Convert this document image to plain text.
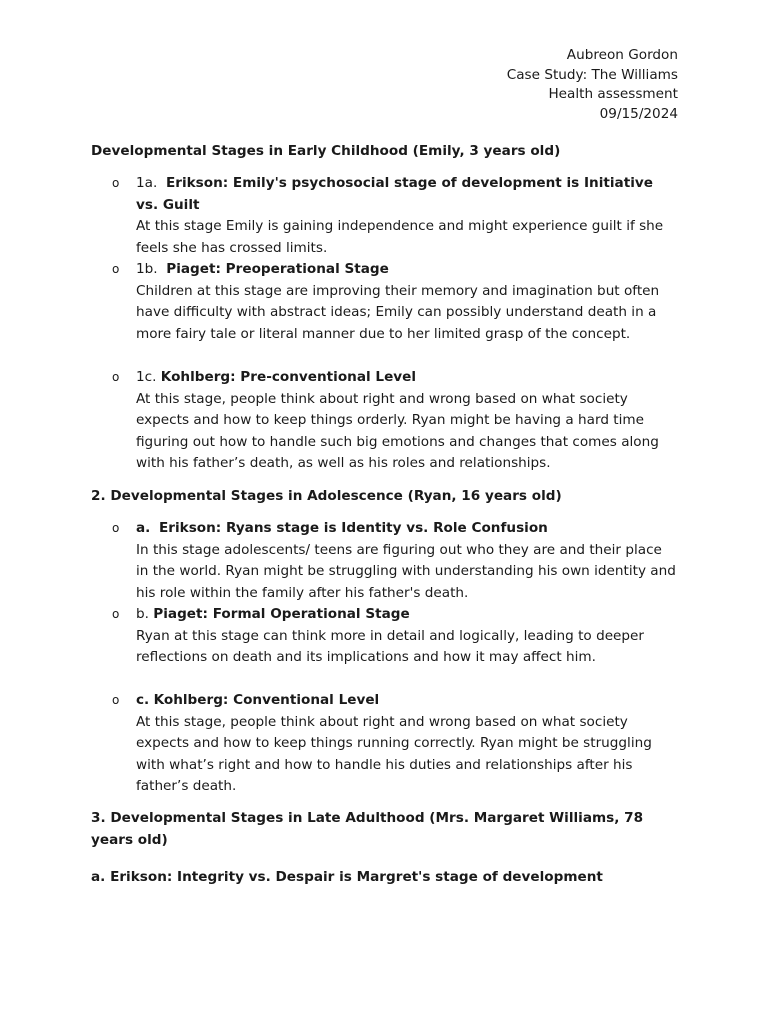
Aubreon Gordon
Case Study: The Williams
Health assessment
09/15/2024
Developmental Stages in Early Childhood (Emily, 3 years old)
o 1a. Erikson: Emily's psychosocial stage of development is Initiative vs. Guilt
At this stage Emily is gaining independence and might experience guilt if she feels she has crossed limits.
o 1b. Piaget: Preoperational Stage
Children at this stage are improving their memory and imagination but often have difficulty with abstract ideas; Emily can possibly understand death in a more fairy tale or literal manner due to her limited grasp of the concept.
o 1c. Kohlberg: Pre-conventional Level
At this stage, people think about right and wrong based on what society expects and how to keep things orderly. Ryan might be having a hard time figuring out how to handle such big emotions and changes that comes along with his father’s death, as well as his roles and relationships.
2. Developmental Stages in Adolescence (Ryan, 16 years old)
o a. Erikson: Ryans stage is Identity vs. Role Confusion
In this stage adolescents/ teens are figuring out who they are and their place in the world. Ryan might be struggling with understanding his own identity and his role within the family after his father's death.
o b. Piaget: Formal Operational Stage
Ryan at this stage can think more in detail and logically, leading to deeper reflections on death and its implications and how it may affect him.
o c. Kohlberg: Conventional Level
At this stage, people think about right and wrong based on what society expects and how to keep things running correctly. Ryan might be struggling with what’s right and how to handle his duties and relationships after his father’s death.
3. Developmental Stages in Late Adulthood (Mrs. Margaret Williams, 78 years old)
a. Erikson: Integrity vs. Despair is Margret's stage of development
